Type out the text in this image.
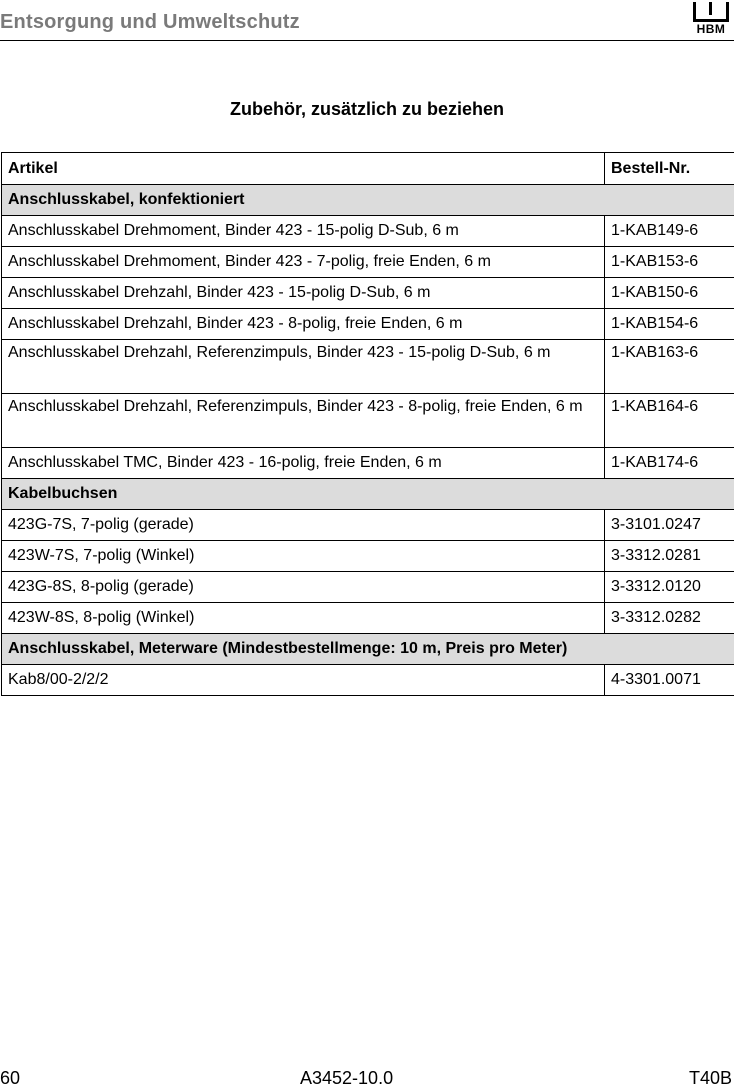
Entsorgung und Umweltschutz	HBM
Zubehör, zusätzlich zu beziehen
Artikel	Bestell-Nr.
Anschlusskabel, konfektioniert	
Anschlusskabel Drehmoment, Binder 423 - 15-polig D-Sub, 6 m	1-KAB149-6
Anschlusskabel Drehmoment, Binder 423 - 7-polig, freie Enden, 6 m	1-KAB153-6
Anschlusskabel Drehzahl, Binder 423 - 15-polig D-Sub, 6 m	1-KAB150-6
Anschlusskabel Drehzahl, Binder 423 - 8-polig, freie Enden, 6 m	1-KAB154-6
Anschlusskabel Drehzahl, Referenzimpuls, Binder 423 - 15-polig D-Sub, 6 m	1-KAB163-6
Anschlusskabel Drehzahl, Referenzimpuls, Binder 423 - 8-polig, freie Enden, 6 m	1-KAB164-6
Anschlusskabel TMC, Binder 423 - 16-polig, freie Enden, 6 m	1-KAB174-6
Kabelbuchsen	
423G-7S, 7-polig (gerade)	3-3101.0247
423W-7S, 7-polig (Winkel)	3-3312.0281
423G-8S, 8-polig (gerade)	3-3312.0120
423W-8S, 8-polig (Winkel)	3-3312.0282
Anschlusskabel, Meterware (Mindestbestellmenge: 10 m, Preis pro Meter)	
Kab8/00-2/2/2	4-3301.0071
60	A3452-10.0	T40B
